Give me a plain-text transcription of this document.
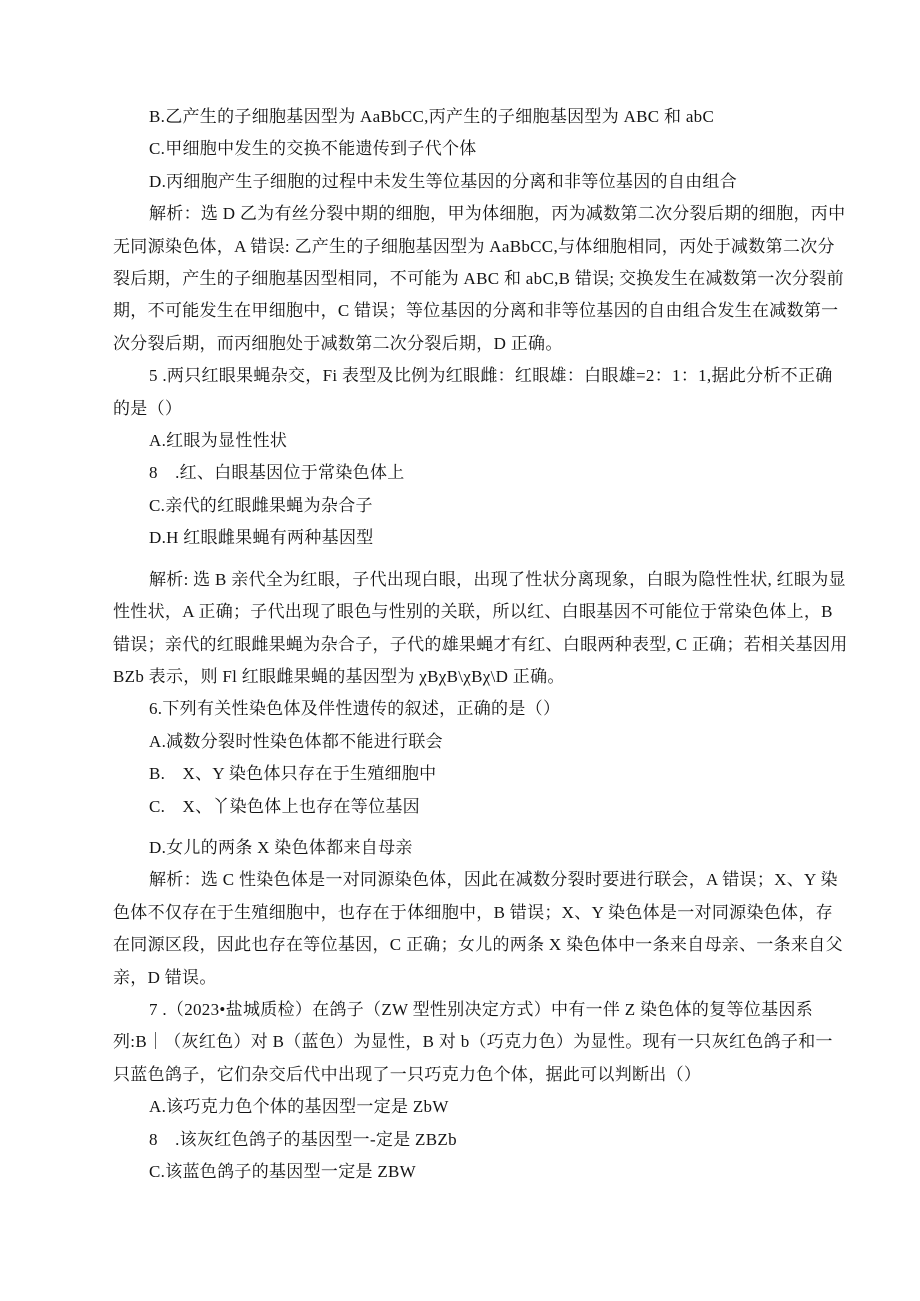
B.乙产生的子细胞基因型为 AaBbCC,丙产生的子细胞基因型为 ABC 和 abC

C.甲细胞中发生的交换不能遗传到子代个体

D.丙细胞产生子细胞的过程中未发生等位基因的分离和非等位基因的自由组合

解析：选 D 乙为有丝分裂中期的细胞，甲为体细胞，丙为减数第二次分裂后期的细胞，丙中

无同源染色体，A 错误: 乙产生的子细胞基因型为 AaBbCC,与体细胞相同，丙处于减数第二次分

裂后期，产生的子细胞基因型相同，不可能为 ABC 和 abC,B 错误; 交换发生在减数第一次分裂前

期，不可能发生在甲细胞中，C 错误；等位基因的分离和非等位基因的自由组合发生在减数第一

次分裂后期，而丙细胞处于减数第二次分裂后期，D 正确。

5 .两只红眼果蝇杂交，Fi 表型及比例为红眼雌：红眼雄：白眼雄=2：1：1,据此分析不正确

的是（）

A.红眼为显性性状

8　.红、白眼基因位于常染色体上

C.亲代的红眼雌果蝇为杂合子

D.H 红眼雌果蝇有两种基因型

解析: 选 B 亲代全为红眼，子代出现白眼，出现了性状分离现象，白眼为隐性性状, 红眼为显

性性状，A 正确；子代出现了眼色与性别的关联，所以红、白眼基因不可能位于常染色体上，B

错误；亲代的红眼雌果蝇为杂合子，子代的雄果蝇才有红、白眼两种表型, C 正确；若相关基因用

BZb 表示，则 Fl 红眼雌果蝇的基因型为 χBχB\χBχ\D 正确。

6.下列有关性染色体及伴性遗传的叙述，正确的是（）

A.减数分裂时性染色体都不能进行联会

B.　X、Y 染色体只存在于生殖细胞中

C.　X、丫染色体上也存在等位基因

D.女儿的两条 X 染色体都来自母亲

解析：选 C 性染色体是一对同源染色体，因此在减数分裂时要进行联会，A 错误；X、Y 染

色体不仅存在于生殖细胞中，也存在于体细胞中，B 错误；X、Y 染色体是一对同源染色体，存

在同源区段，因此也存在等位基因，C 正确；女儿的两条 X 染色体中一条来自母亲、一条来自父

亲，D 错误。

7 .（2023•盐城质检）在鸽子（ZW 型性别决定方式）中有一伴 Z 染色体的复等位基因系

列:B｜（灰红色）对 B（蓝色）为显性，B 对 b（巧克力色）为显性。现有一只灰红色鸽子和一

只蓝色鸽子，它们杂交后代中出现了一只巧克力色个体，据此可以判断出（）

A.该巧克力色个体的基因型一定是 ZbW

8　.该灰红色鸽子的基因型一-定是 ZBZb

C.该蓝色鸽子的基因型一定是 ZBW
